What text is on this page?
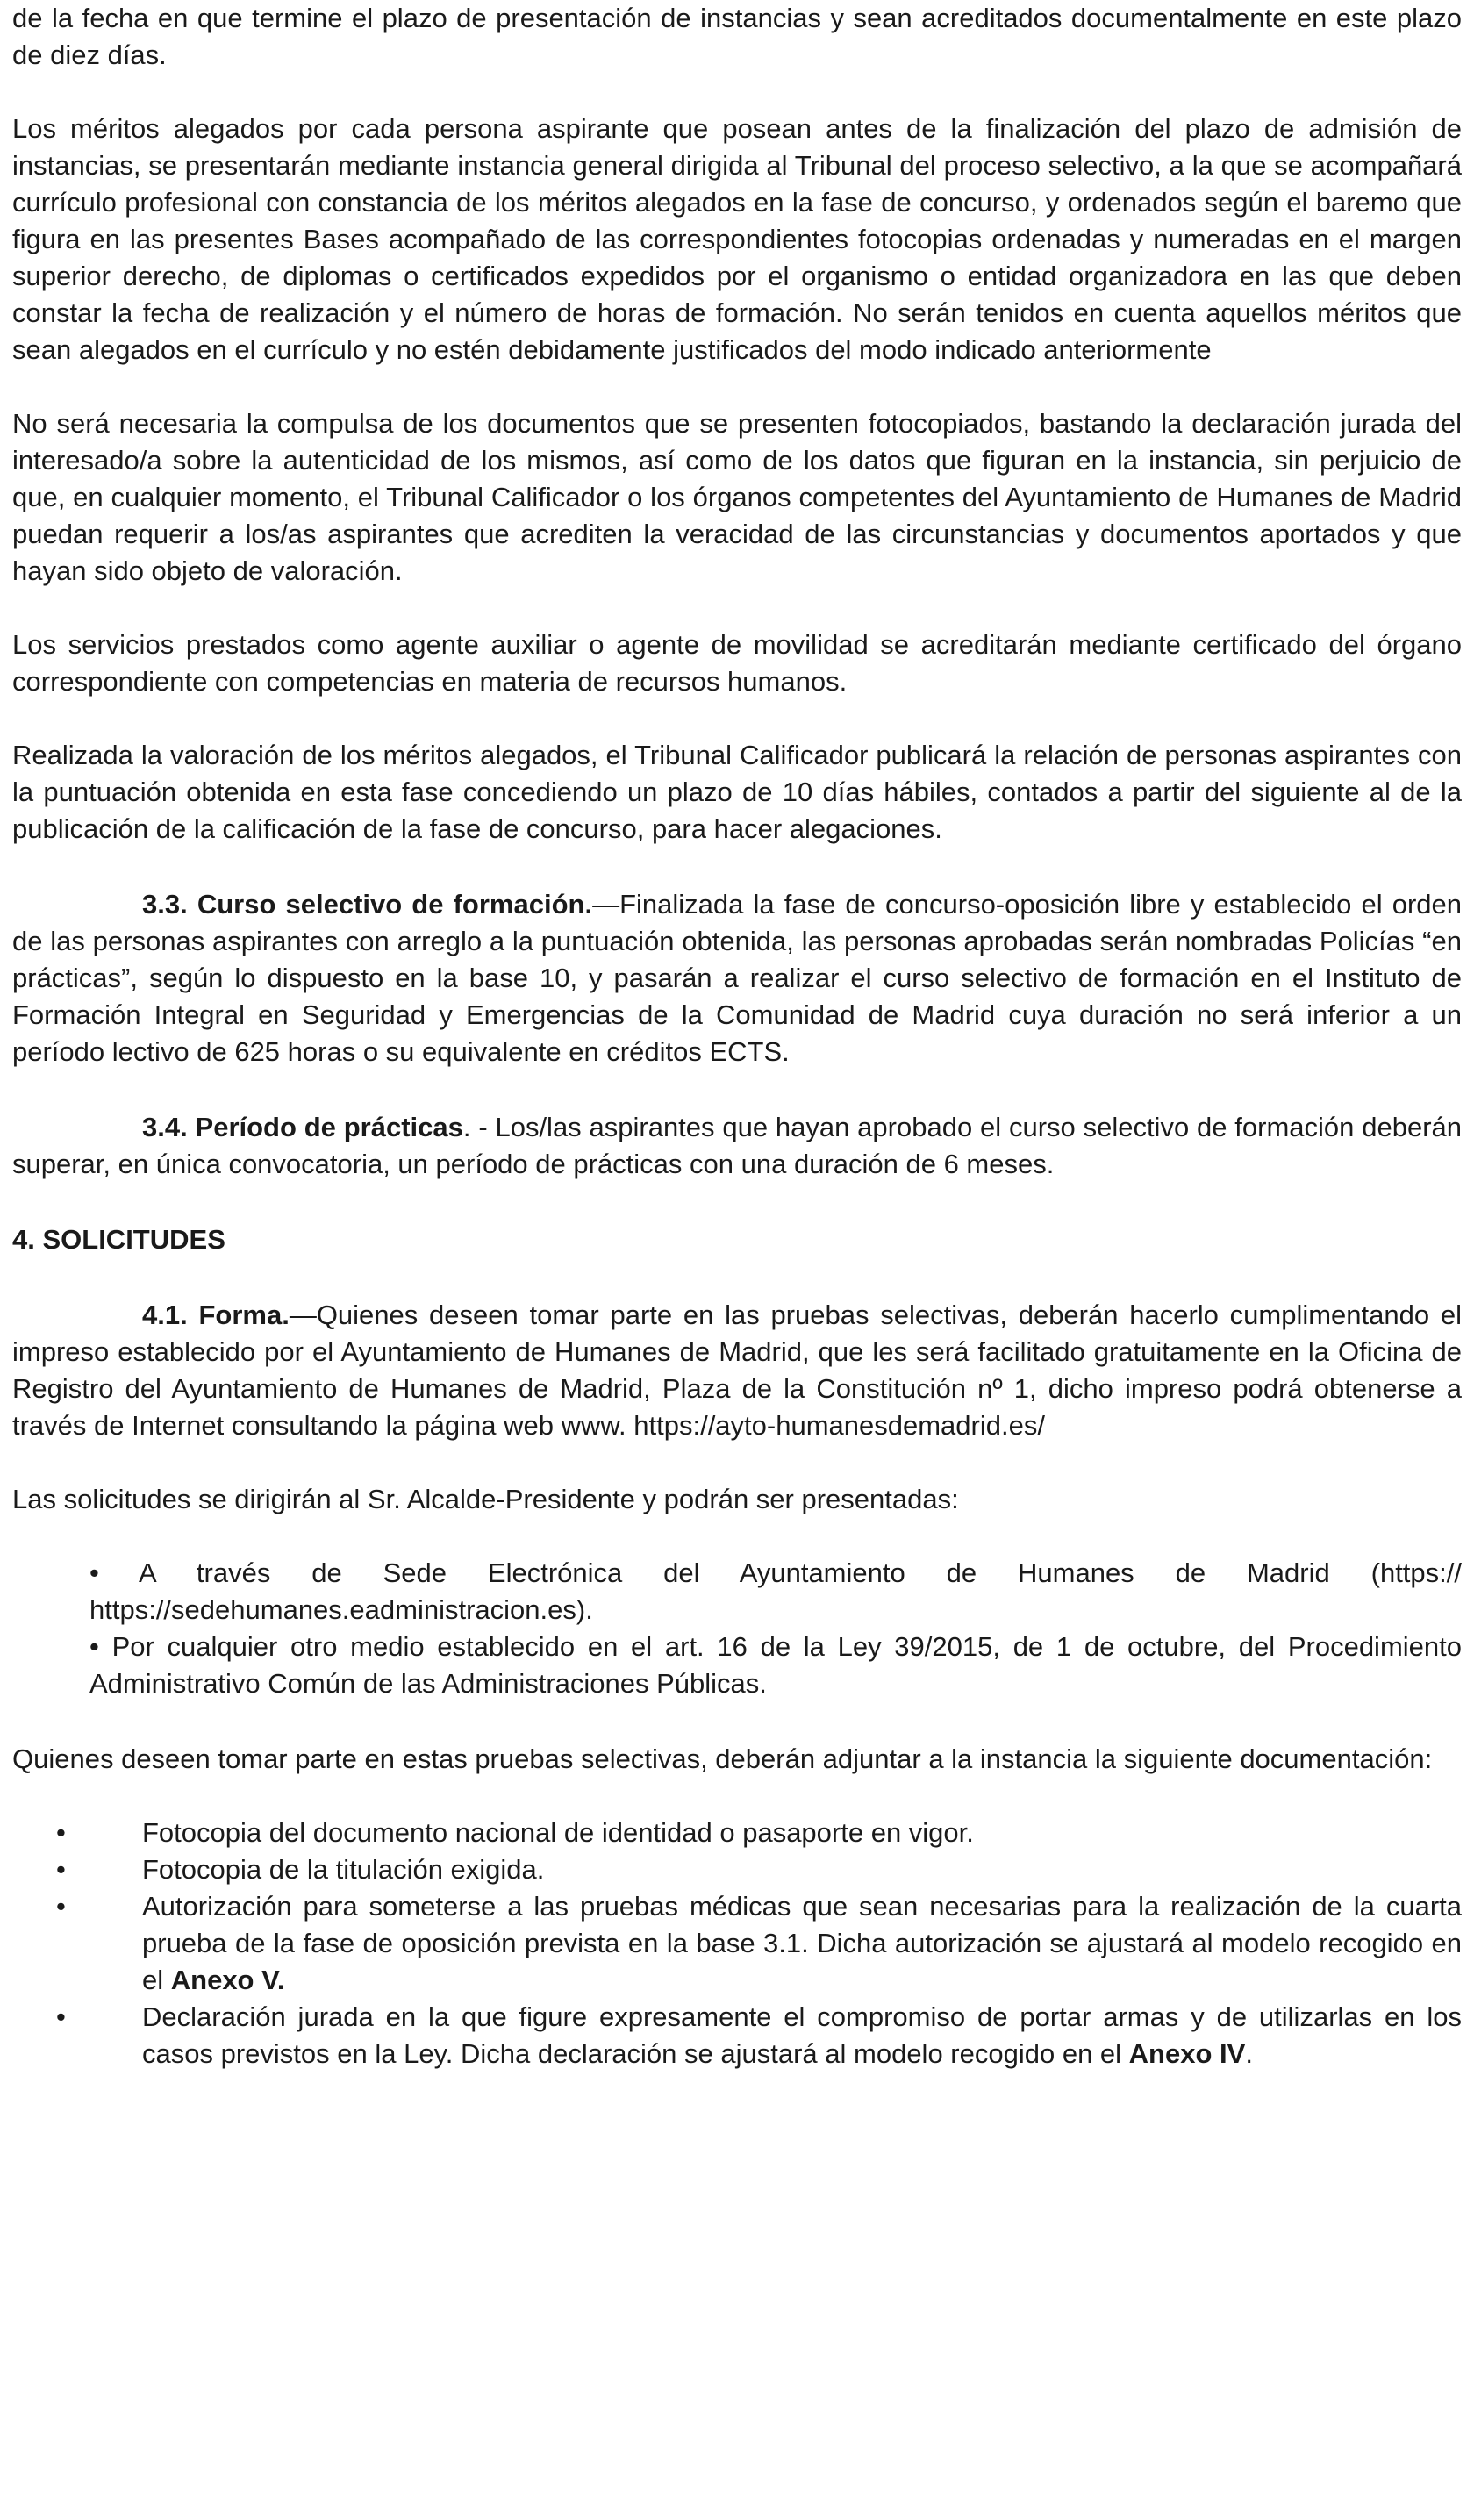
de la fecha en que termine el plazo de presentación de instancias y sean acreditados documentalmente en este plazo de diez días.

Los méritos alegados por cada persona aspirante que posean antes de la finalización del plazo de admisión de instancias, se presentarán mediante instancia general dirigida al Tribunal del proceso selectivo, a la que se acompañará currículo profesional con constancia de los méritos alegados en la fase de concurso, y ordenados según el baremo que figura en las presentes Bases acompañado de las correspondientes fotocopias ordenadas y numeradas en el margen superior derecho, de diplomas o certificados expedidos por el organismo o entidad organizadora en las que deben constar la fecha de realización y el número de horas de formación. No serán tenidos en cuenta aquellos méritos que sean alegados en el currículo y no estén debidamente justificados del modo indicado anteriormente

No será necesaria la compulsa de los documentos que se presenten fotocopiados, bastando la declaración jurada del interesado/a sobre la autenticidad de los mismos, así como de los datos que figuran en la instancia, sin perjuicio de que, en cualquier momento, el Tribunal Calificador o los órganos competentes del Ayuntamiento de Humanes de Madrid puedan requerir a los/as aspirantes que acrediten la veracidad de las circunstancias y documentos aportados y que hayan sido objeto de valoración.

Los servicios prestados como agente auxiliar o agente de movilidad se acreditarán mediante certificado del órgano correspondiente con competencias en materia de recursos humanos.

Realizada la valoración de los méritos alegados, el Tribunal Calificador publicará la relación de personas aspirantes con la puntuación obtenida en esta fase concediendo un plazo de 10 días hábiles, contados a partir del siguiente al de la publicación de la calificación de la fase de concurso, para hacer alegaciones.

3.3. Curso selectivo de formación.—Finalizada la fase de concurso-oposición libre y establecido el orden de las personas aspirantes con arreglo a la puntuación obtenida, las personas aprobadas serán nombradas Policías “en prácticas”, según lo dispuesto en la base 10, y pasarán a realizar el curso selectivo de formación en el Instituto de Formación Integral en Seguridad y Emergencias de la Comunidad de Madrid cuya duración no será inferior a un período lectivo de 625 horas o su equivalente en créditos ECTS.

3.4. Período de prácticas. - Los/las aspirantes que hayan aprobado el curso selectivo de formación deberán superar, en única convocatoria, un período de prácticas con una duración de 6 meses.

4. SOLICITUDES

4.1. Forma.—Quienes deseen tomar parte en las pruebas selectivas, deberán hacerlo cumplimentando el impreso establecido por el Ayuntamiento de Humanes de Madrid, que les será facilitado gratuitamente en la Oficina de Registro del Ayuntamiento de Humanes de Madrid, Plaza de la Constitución nº 1, dicho impreso podrá obtenerse a través de Internet consultando la página web www. https://ayto-humanesdemadrid.es/

Las solicitudes se dirigirán al Sr. Alcalde-Presidente y podrán ser presentadas:

• A través de Sede Electrónica del Ayuntamiento de Humanes de Madrid (https:// https://sedehumanes.eadministracion.es).
• Por cualquier otro medio establecido en el art. 16 de la Ley 39/2015, de 1 de octubre, del Procedimiento Administrativo Común de las Administraciones Públicas.

Quienes deseen tomar parte en estas pruebas selectivas, deberán adjuntar a la instancia la siguiente documentación:

•	Fotocopia del documento nacional de identidad o pasaporte en vigor.
•	Fotocopia de la titulación exigida.
•	Autorización para someterse a las pruebas médicas que sean necesarias para la realización de la cuarta prueba de la fase de oposición prevista en la base 3.1. Dicha autorización se ajustará al modelo recogido en el Anexo V.
•	Declaración jurada en la que figure expresamente el compromiso de portar armas y de utilizarlas en los casos previstos en la Ley. Dicha declaración se ajustará al modelo recogido en el Anexo IV.
